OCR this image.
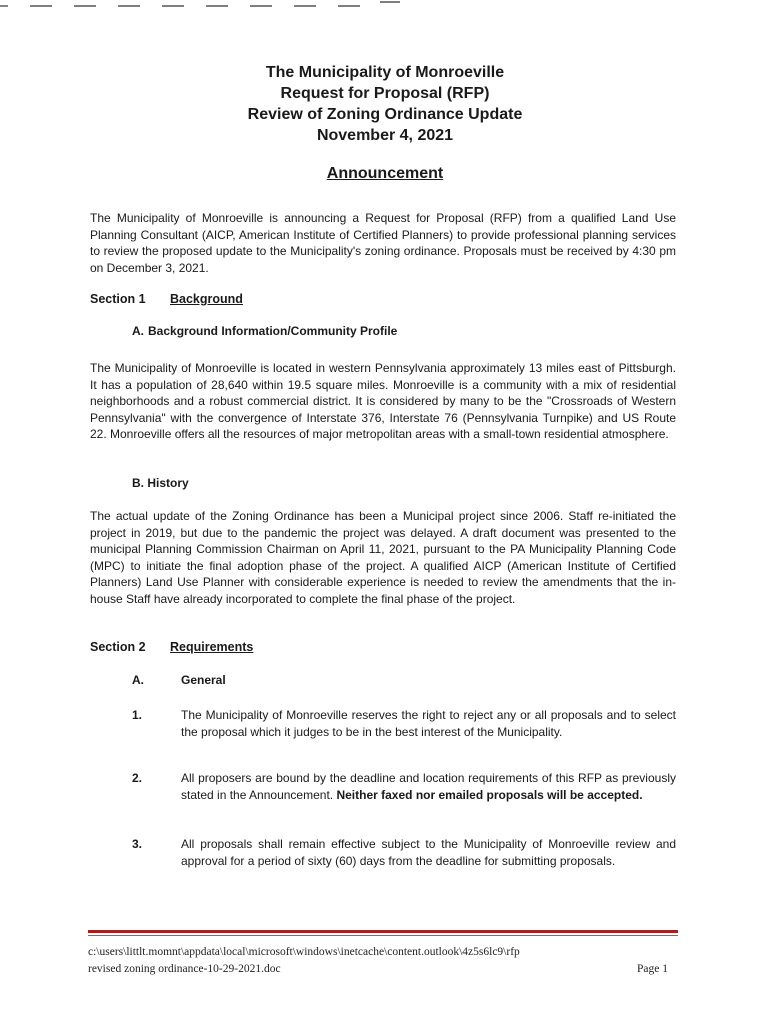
The Municipality of Monroeville
Request for Proposal (RFP)
Review of Zoning Ordinance Update
November 4, 2021
Announcement
The Municipality of Monroeville is announcing a Request for Proposal (RFP) from a qualified Land Use Planning Consultant (AICP, American Institute of Certified Planners) to provide professional planning services to review the proposed update to the Municipality's zoning ordinance. Proposals must be received by 4:30 pm on December 3, 2021.
Section 1 Background
A. Background Information/Community Profile
The Municipality of Monroeville is located in western Pennsylvania approximately 13 miles east of Pittsburgh. It has a population of 28,640 within 19.5 square miles. Monroeville is a community with a mix of residential neighborhoods and a robust commercial district. It is considered by many to be the "Crossroads of Western Pennsylvania" with the convergence of Interstate 376, Interstate 76 (Pennsylvania Turnpike) and US Route 22. Monroeville offers all the resources of major metropolitan areas with a small-town residential atmosphere.
B. History
The actual update of the Zoning Ordinance has been a Municipal project since 2006. Staff re-initiated the project in 2019, but due to the pandemic the project was delayed. A draft document was presented to the municipal Planning Commission Chairman on April 11, 2021, pursuant to the PA Municipality Planning Code (MPC) to initiate the final adoption phase of the project. A qualified AICP (American Institute of Certified Planners) Land Use Planner with considerable experience is needed to review the amendments that the in-house Staff have already incorporated to complete the final phase of the project.
Section 2 Requirements
A.	General
1.	The Municipality of Monroeville reserves the right to reject any or all proposals and to select the proposal which it judges to be in the best interest of the Municipality.
2.	All proposers are bound by the deadline and location requirements of this RFP as previously stated in the Announcement. Neither faxed nor emailed proposals will be accepted.
3.	All proposals shall remain effective subject to the Municipality of Monroeville review and approval for a period of sixty (60) days from the deadline for submitting proposals.
c:\users\littlt.momnt\appdata\local\microsoft\windows\inetcache\content.outlook\4z5s6lc9\rfp
revised zoning ordinance-10-29-2021.doc	Page 1
